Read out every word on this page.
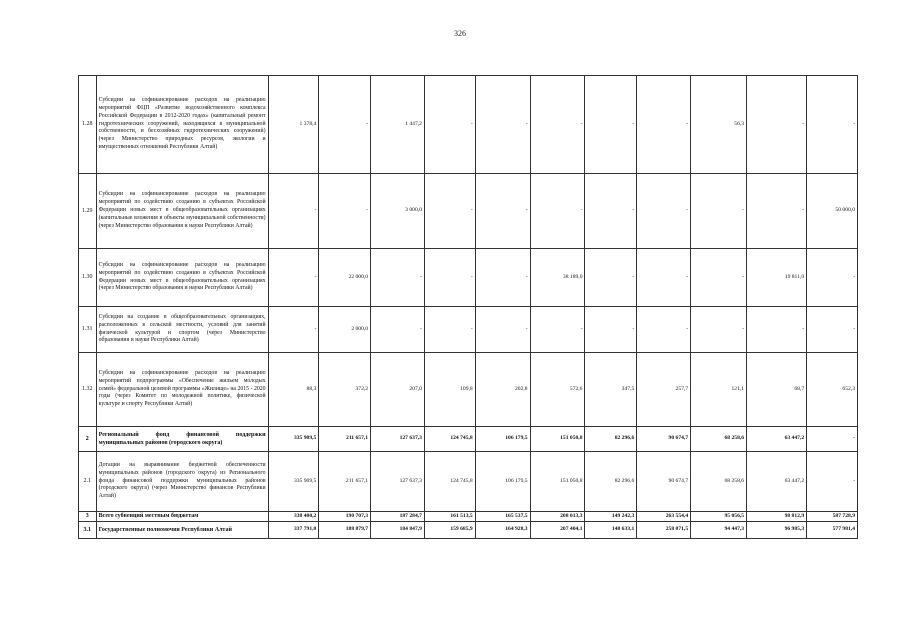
326
1.28	Субсидии на софинансирование расходов на реализацию мероприятий ФЦП «Развитие водохозяйственного комплекса Российской Федерации в 2012-2020 годах» (капитальный ремонт гидротехнических сооружений, находящихся в муниципальной собственности, и бесхозяйных гидротехнических сооружений) (через Министерство природных ресурсов, экологии и имущественных отношений Республики Алтай)	1 378,4	-	1 447,2	-	-	-	-	-	56,3	-	-
1.29	Субсидии на софинансирование расходов на реализацию мероприятий по содействию созданию в субъектах Российской Федерации новых мест в общеобразовательных организациях (капитальные вложения в объекты муниципальной собственности) (через Министерство образования и науки Республики Алтай)	-	-	3 000,0	-	-	-	-	-	-	-	50 000,0
1.30	Субсидии на софинансирование расходов на реализацию мероприятий по содействию созданию в субъектах Российской Федерации новых мест в общеобразовательных организациях (через Министерство образования и науки Республики Алтай)	-	22 000,0	-	-	-	38 189,0	-	-	-	19 811,0	-
1.31	Субсидии на создание в общеобразовательных организациях, расположенных в сельской местности, условий для занятий физической культурой и спортом (через Министерство образования и науки Республики Алтай)	-	2 000,0	-	-	-	-	-	-	-	-	-
1.32	Субсидии на софинансирование расходов на реализацию мероприятий подпрограммы «Обеспечение жильем молодых семей» федеральной целевой программы «Жилище» на 2015 - 2020 годы (через Комитет по молодежной политике, физической культуре и спорту Республики Алтай)	88,3	372,2	207,0	109,8	202,8	572,6	347,5	257,7	121,1	68,7	652,3
2	Региональный фонд финансовой поддержки муниципальных районов (городского округа)	335 909,5	211 657,1	127 637,3	124 745,8	106 179,5	151 050,8	82 296,6	90 674,7	68 258,6	63 447,2	-
2.1	Дотации на выравнивание бюджетной обеспеченности муниципальных районов (городского округа) из Регионального фонда финансовой поддержки муниципальных районов (городского округа) (через Министерство финансов Республики Алтай)	335 909,5	211 657,1	127 637,3	124 745,8	106 179,5	151 050,8	82 296,6	90 674,7	68 258,6	63 447,2	-
3	Всего субвенций местным бюджетам	338 400,2	190 707,3	187 284,7	161 513,5	165 537,5	208 013,3	149 242,3	263 554,4	95 056,5	98 812,9	587 728,9
3.1	Государственные полномочия Республики Алтай	337 791,0	188 879,7	184 847,9	159 685,9	164 928,3	207 404,1	148 633,1	258 071,5	94 447,3	96 985,3	577 981,4
